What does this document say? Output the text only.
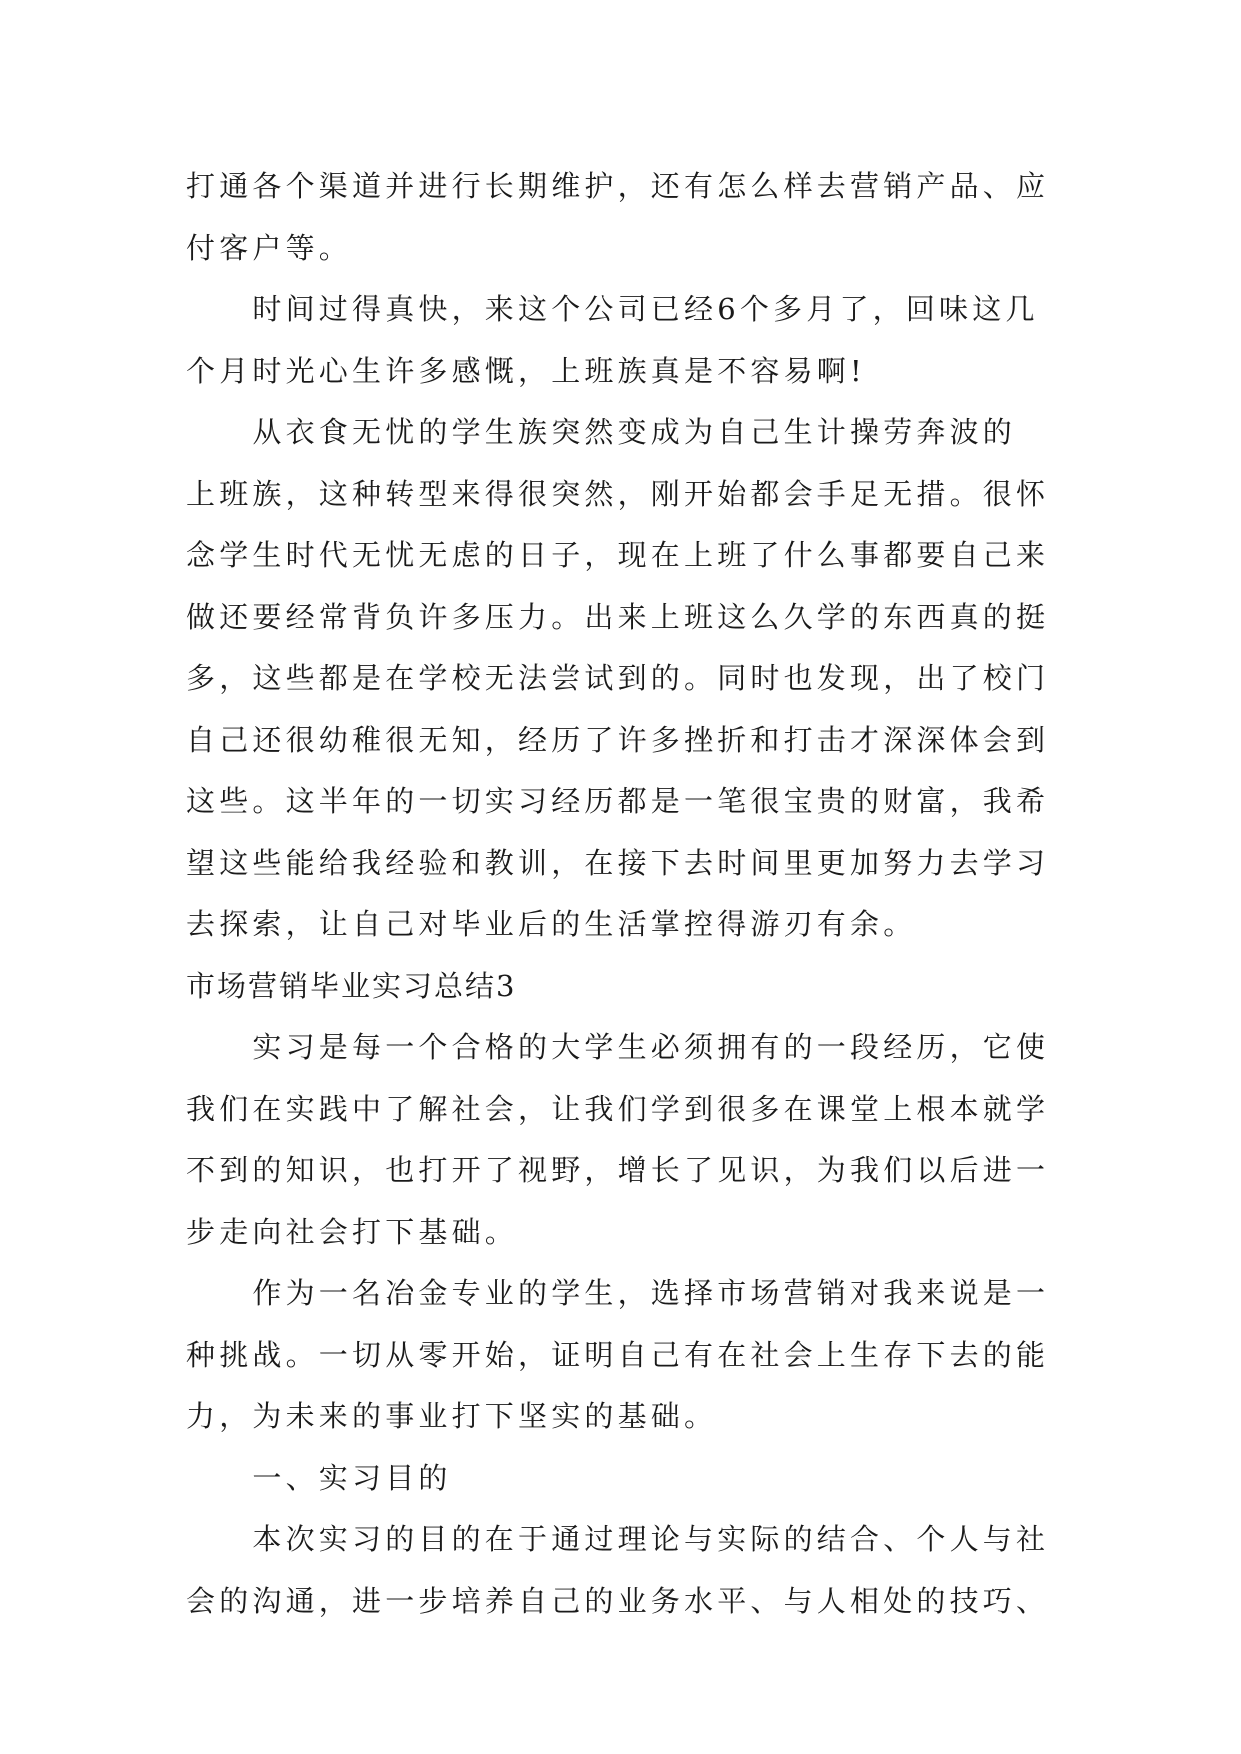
打通各个渠道并进行长期维护，还有怎么样去营销产品、应
付客户等。
　　时间过得真快，来这个公司已经6个多月了，回味这几
个月时光心生许多感慨，上班族真是不容易啊!
　　从衣食无忧的学生族突然变成为自己生计操劳奔波的
上班族，这种转型来得很突然，刚开始都会手足无措。很怀
念学生时代无忧无虑的日子，现在上班了什么事都要自己来
做还要经常背负许多压力。出来上班这么久学的东西真的挺
多，这些都是在学校无法尝试到的。同时也发现，出了校门
自己还很幼稚很无知，经历了许多挫折和打击才深深体会到
这些。这半年的一切实习经历都是一笔很宝贵的财富，我希
望这些能给我经验和教训，在接下去时间里更加努力去学习
去探索，让自己对毕业后的生活掌控得游刃有余。
市场营销毕业实习总结3
　　实习是每一个合格的大学生必须拥有的一段经历，它使
我们在实践中了解社会，让我们学到很多在课堂上根本就学
不到的知识，也打开了视野，增长了见识，为我们以后进一
步走向社会打下基础。
　　作为一名冶金专业的学生，选择市场营销对我来说是一
种挑战。一切从零开始，证明自己有在社会上生存下去的能
力，为未来的事业打下坚实的基础。
　　一、实习目的
　　本次实习的目的在于通过理论与实际的结合、个人与社
会的沟通，进一步培养自己的业务水平、与人相处的技巧、
